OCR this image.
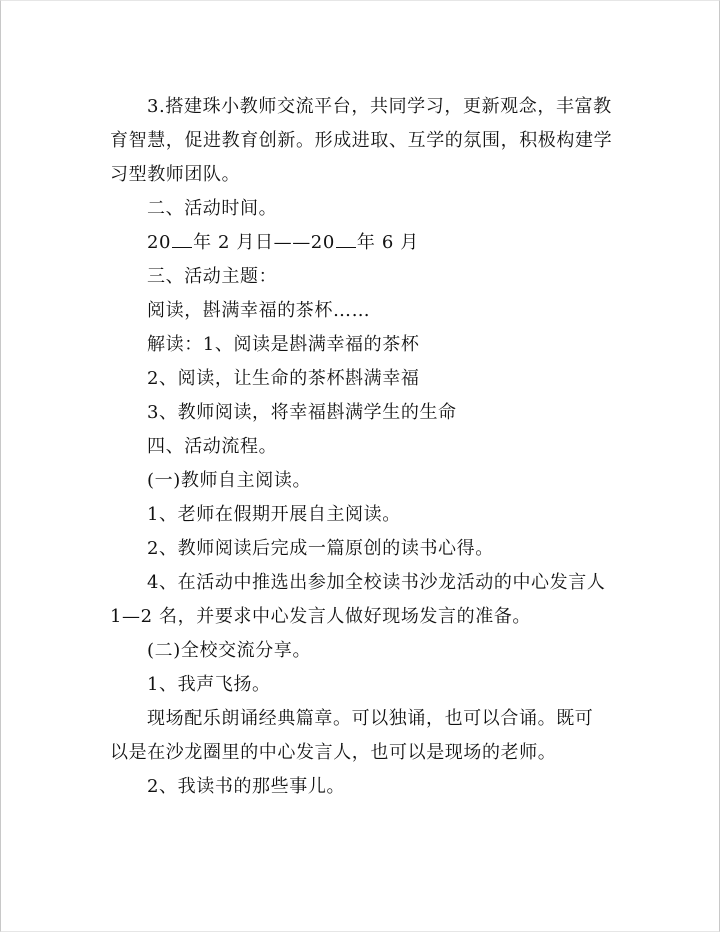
3.搭建珠小教师交流平台，共同学习，更新观念，丰富教
育智慧，促进教育创新。形成进取、互学的氛围，积极构建学
习型教师团队。
二、活动时间。
20 年 2 月日——20 年 6 月
三、活动主题：
阅读，斟满幸福的茶杯……
解读：1、阅读是斟满幸福的茶杯
2、阅读，让生命的茶杯斟满幸福
3、教师阅读，将幸福斟满学生的生命
四、活动流程。
(一)教师自主阅读。
1、老师在假期开展自主阅读。
2、教师阅读后完成一篇原创的读书心得。
4、在活动中推选出参加全校读书沙龙活动的中心发言人
1—2 名，并要求中心发言人做好现场发言的准备。
(二)全校交流分享。
1、我声飞扬。
现场配乐朗诵经典篇章。可以独诵，也可以合诵。既可
以是在沙龙圈里的中心发言人，也可以是现场的老师。
2、我读书的那些事儿。
